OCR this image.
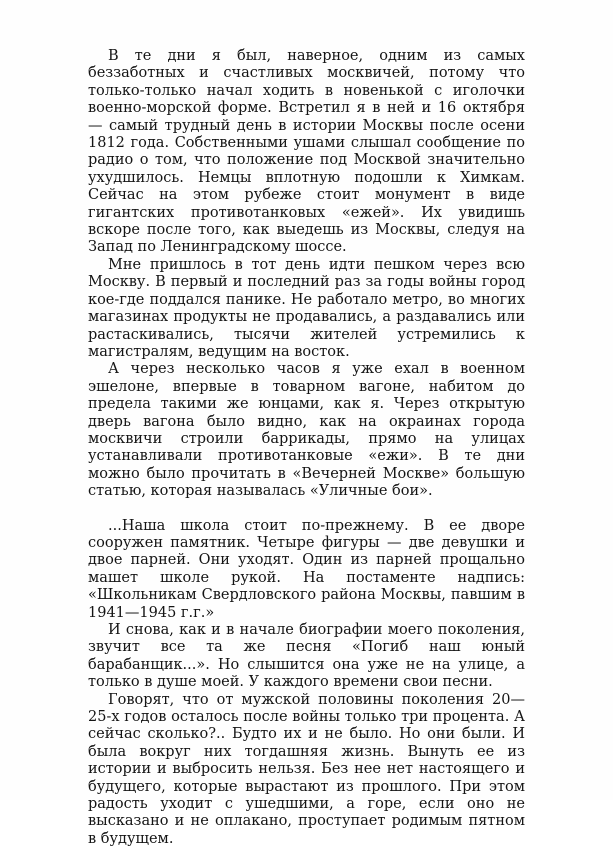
В те дни я был, наверное, одним из самых беззаботных и счастливых москвичей, потому что только-только начал ходить в новенькой с иголочки военно-морской форме. Встретил я в ней и 16 октября — самый трудный день в истории Москвы после осени 1812 года. Собственными ушами слышал сообщение по радио о том, что положение под Москвой значительно ухудшилось. Немцы вплотную подошли к Химкам. Сейчас на этом рубеже стоит монумент в виде гигантских противотанковых «ежей». Их увидишь вскоре после того, как выедешь из Москвы, следуя на Запад по Ленинградскому шоссе.

Мне пришлось в тот день идти пешком через всю Москву. В первый и последний раз за годы войны город кое-где поддался панике. Не работало метро, во многих магазинах продукты не продавались, а раздавались или растаскивались, тысячи жителей устремились к магистралям, ведущим на восток.

А через несколько часов я уже ехал в военном эшелоне, впервые в товарном вагоне, набитом до предела такими же юнцами, как я. Через открытую дверь вагона было видно, как на окраинах города москвичи строили баррикады, прямо на улицах устанавливали противотанковые «ежи». В те дни можно было прочитать в «Вечерней Москве» большую статью, которая называлась «Уличные бои».

...Наша школа стоит по-прежнему. В ее дворе сооружен памятник. Четыре фигуры — две девушки и двое парней. Они уходят. Один из парней прощально машет школе рукой. На постаменте надпись: «Школьникам Свердловского района Москвы, павшим в 1941—1945 г.г.»

И снова, как и в начале биографии моего поколения, звучит все та же песня «Погиб наш юный барабанщик...». Но слышится она уже не на улице, а только в душе моей. У каждого времени свои песни.

Говорят, что от мужской половины поколения 20—25-х годов осталось после войны только три процента. А сейчас сколько?.. Будто их и не было. Но они были. И была вокруг них тогдашняя жизнь. Вынуть ее из истории и выбросить нельзя. Без нее нет настоящего и будущего, которые вырастают из прошлого. При этом радость уходит с ушедшими, а горе, если оно не высказано и не оплакано, проступает родимым пятном в будущем.
